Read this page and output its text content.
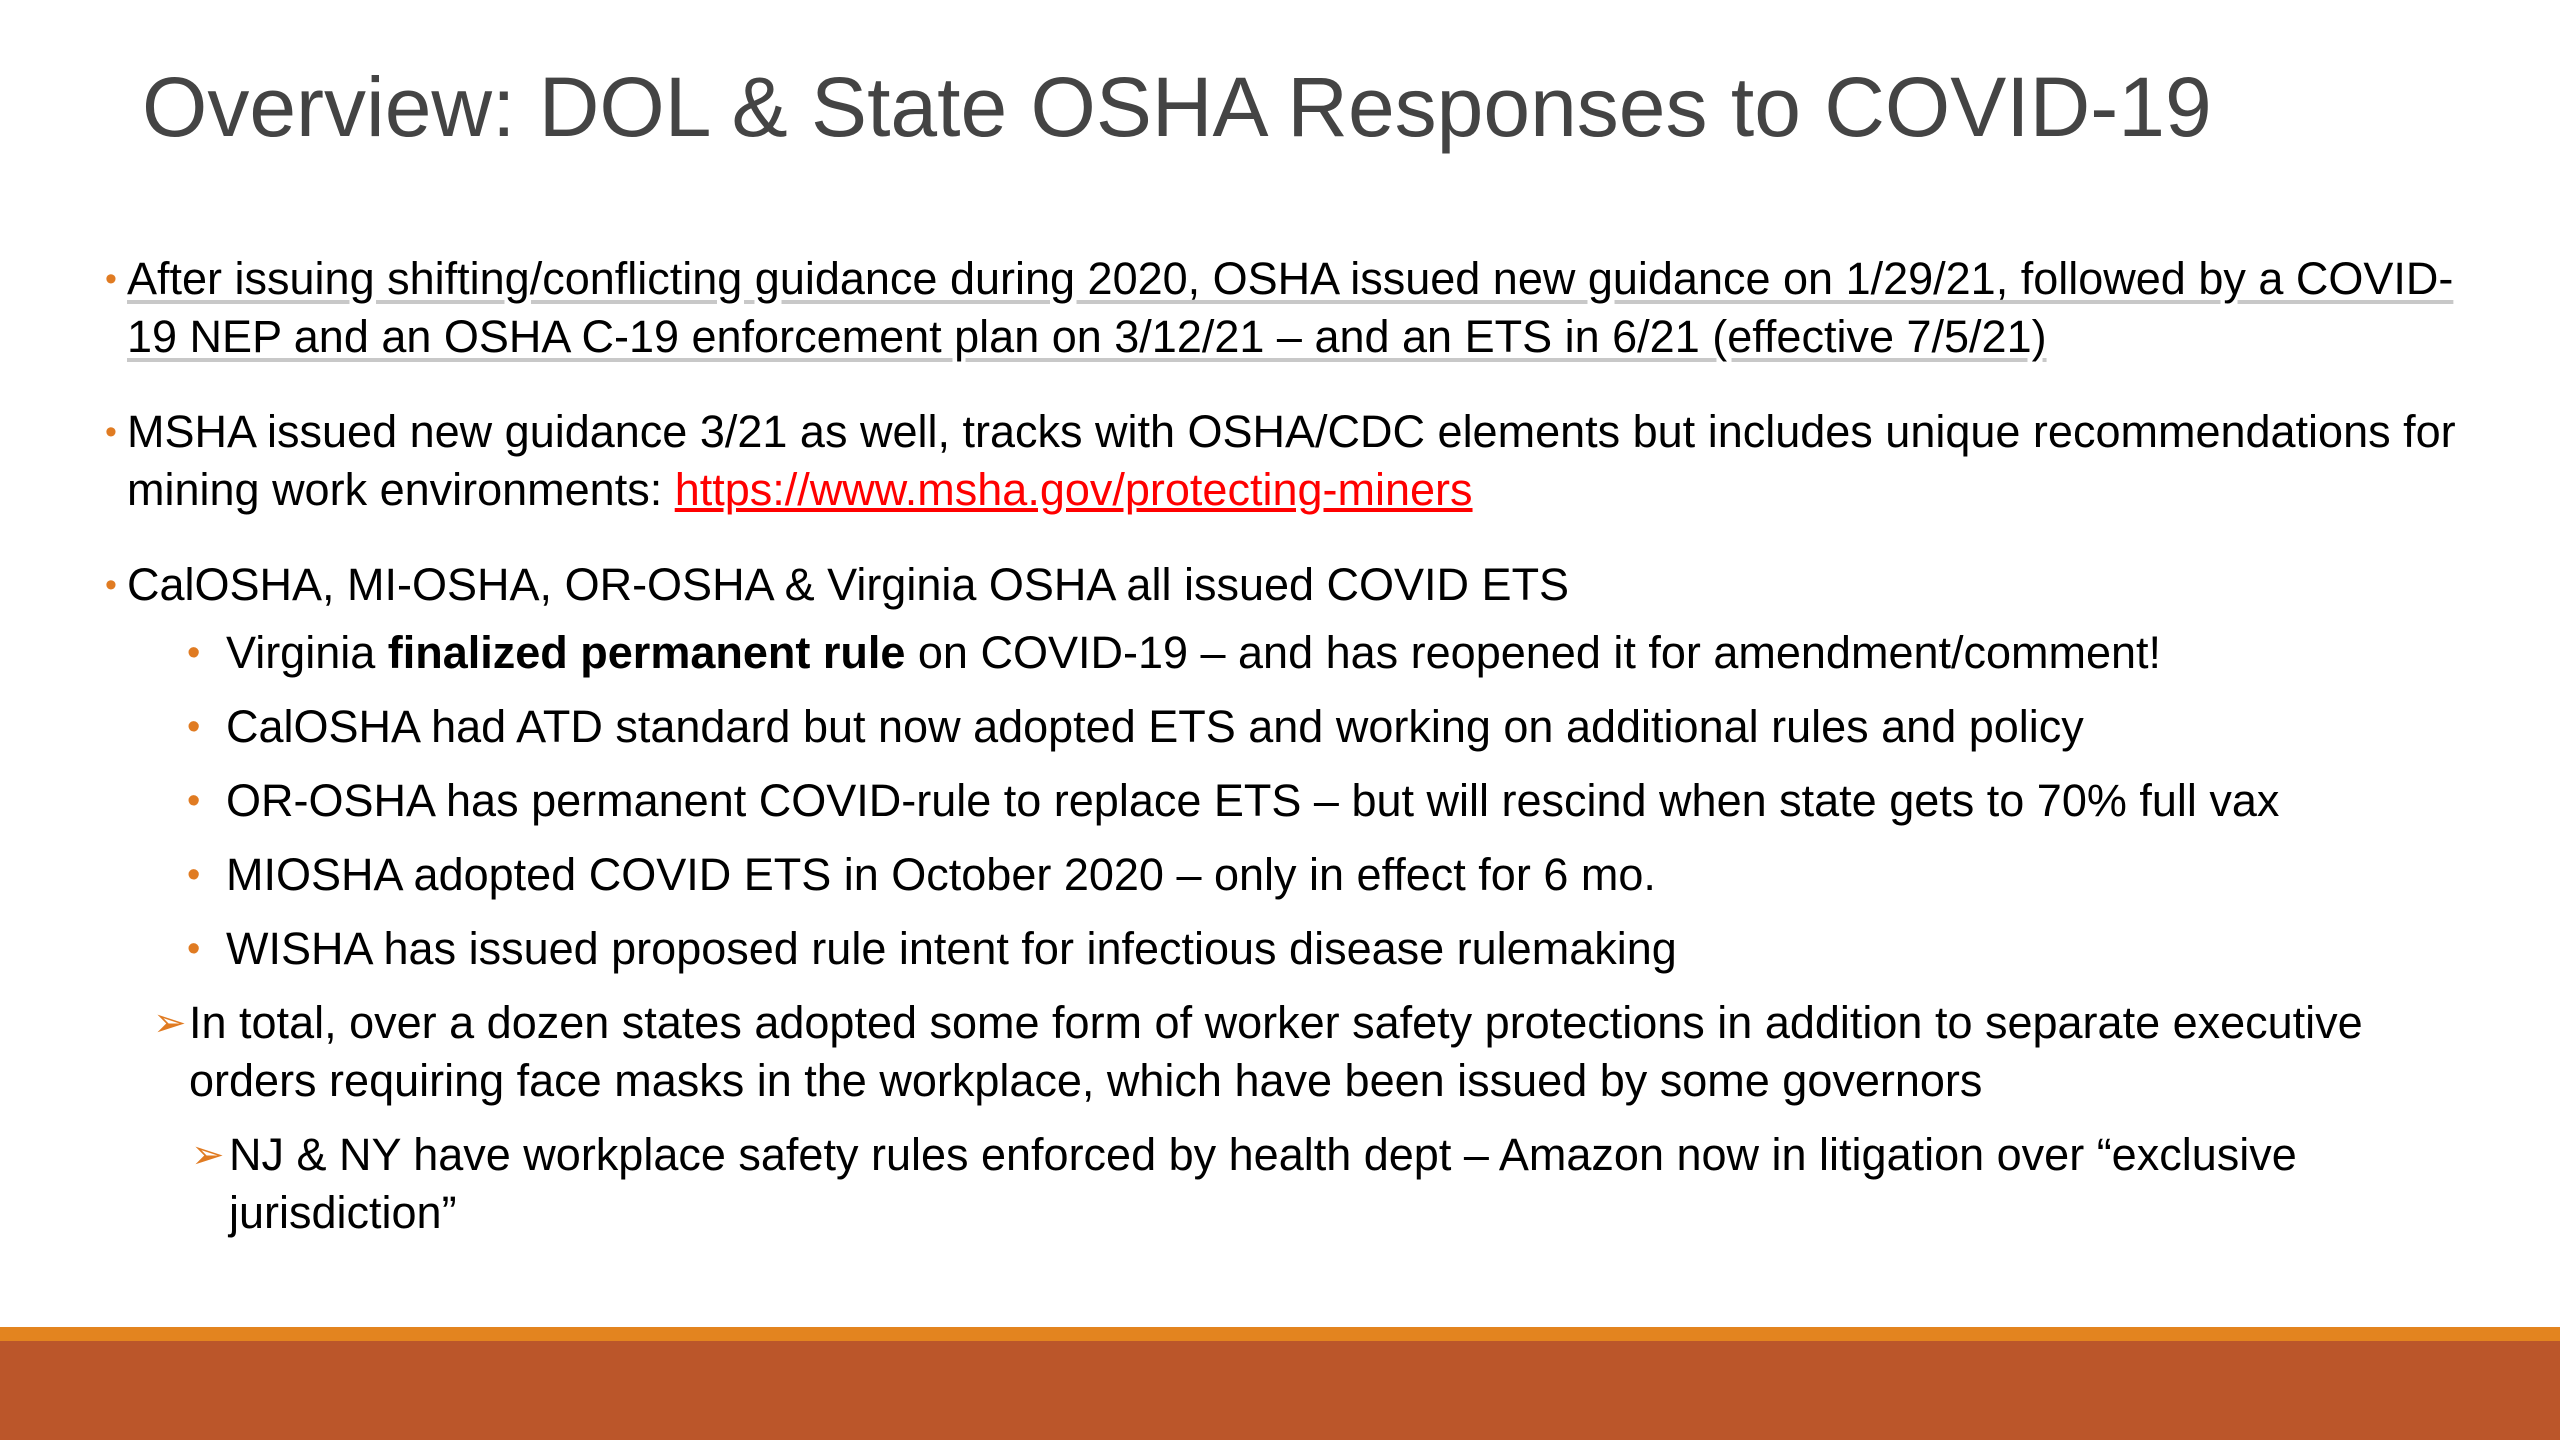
Overview: DOL & State OSHA Responses to COVID-19
• After issuing shifting/conflicting guidance during 2020, OSHA issued new guidance on 1/29/21, followed by a COVID-19 NEP and an OSHA C-19 enforcement plan on 3/12/21 – and an ETS in 6/21 (effective 7/5/21)
• MSHA issued new guidance 3/21 as well, tracks with OSHA/CDC elements but includes unique recommendations for mining work environments: https://www.msha.gov/protecting-miners
• CalOSHA, MI-OSHA, OR-OSHA & Virginia OSHA all issued COVID ETS
• Virginia finalized permanent rule on COVID-19 – and has reopened it for amendment/comment!
• CalOSHA had ATD standard but now adopted ETS and working on additional rules and policy
• OR-OSHA has permanent COVID-rule to replace ETS – but will rescind when state gets to 70% full vax
• MIOSHA adopted COVID ETS in October 2020 – only in effect for 6 mo.
• WISHA has issued proposed rule intent for infectious disease rulemaking
➢ In total, over a dozen states adopted some form of worker safety protections in addition to separate executive orders requiring face masks in the workplace, which have been issued by some governors
➢ NJ & NY have workplace safety rules enforced by health dept – Amazon now in litigation over “exclusive jurisdiction”
